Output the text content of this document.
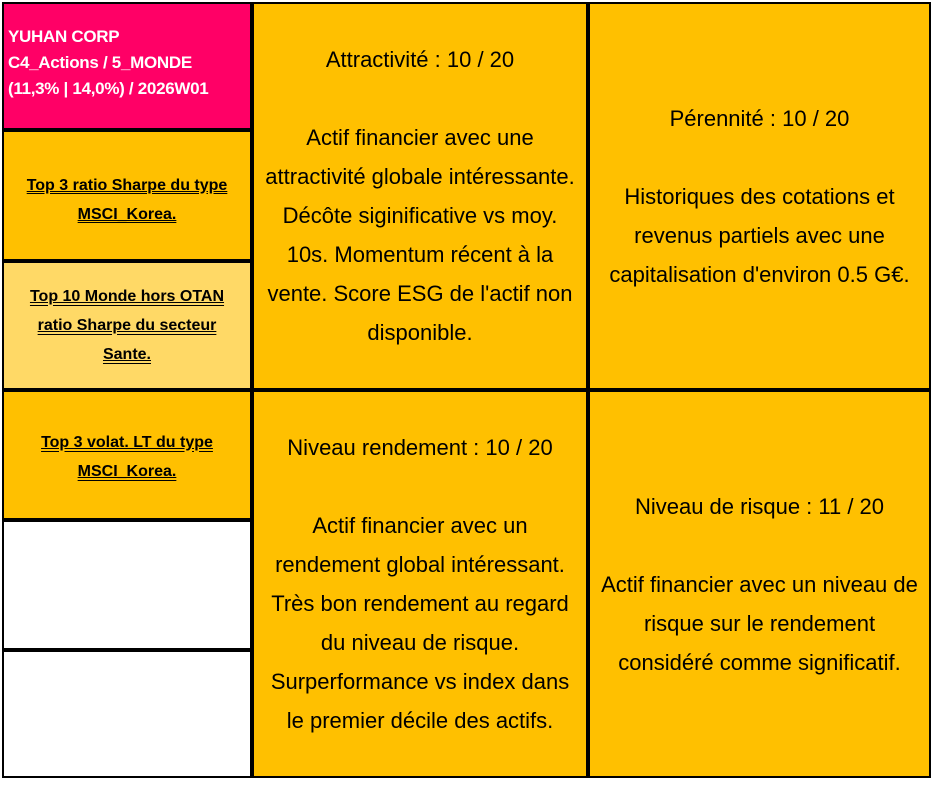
YUHAN CORP
C4_Actions / 5_MONDE
(11,3% | 14,0%) / 2026W01
Top 3 ratio Sharpe du type MSCI_Korea.
Top 10 Monde hors OTAN ratio Sharpe du secteur Sante.
Top 3 volat. LT du type MSCI_Korea.
Attractivité : 10 / 20
Actif financier avec une attractivité globale intéressante. Décôte siginificative vs moy. 10s. Momentum récent à la vente. Score ESG de l'actif non disponible.
Pérennité : 10 / 20
Historiques des cotations et revenus partiels avec une capitalisation d'environ 0.5 G€.
Niveau rendement : 10 / 20
Actif financier avec un rendement global intéressant. Très bon rendement au regard du niveau de risque. Surperformance vs index dans le premier décile des actifs.
Niveau de risque : 11 / 20
Actif financier avec un niveau de risque sur le rendement considéré comme significatif.
